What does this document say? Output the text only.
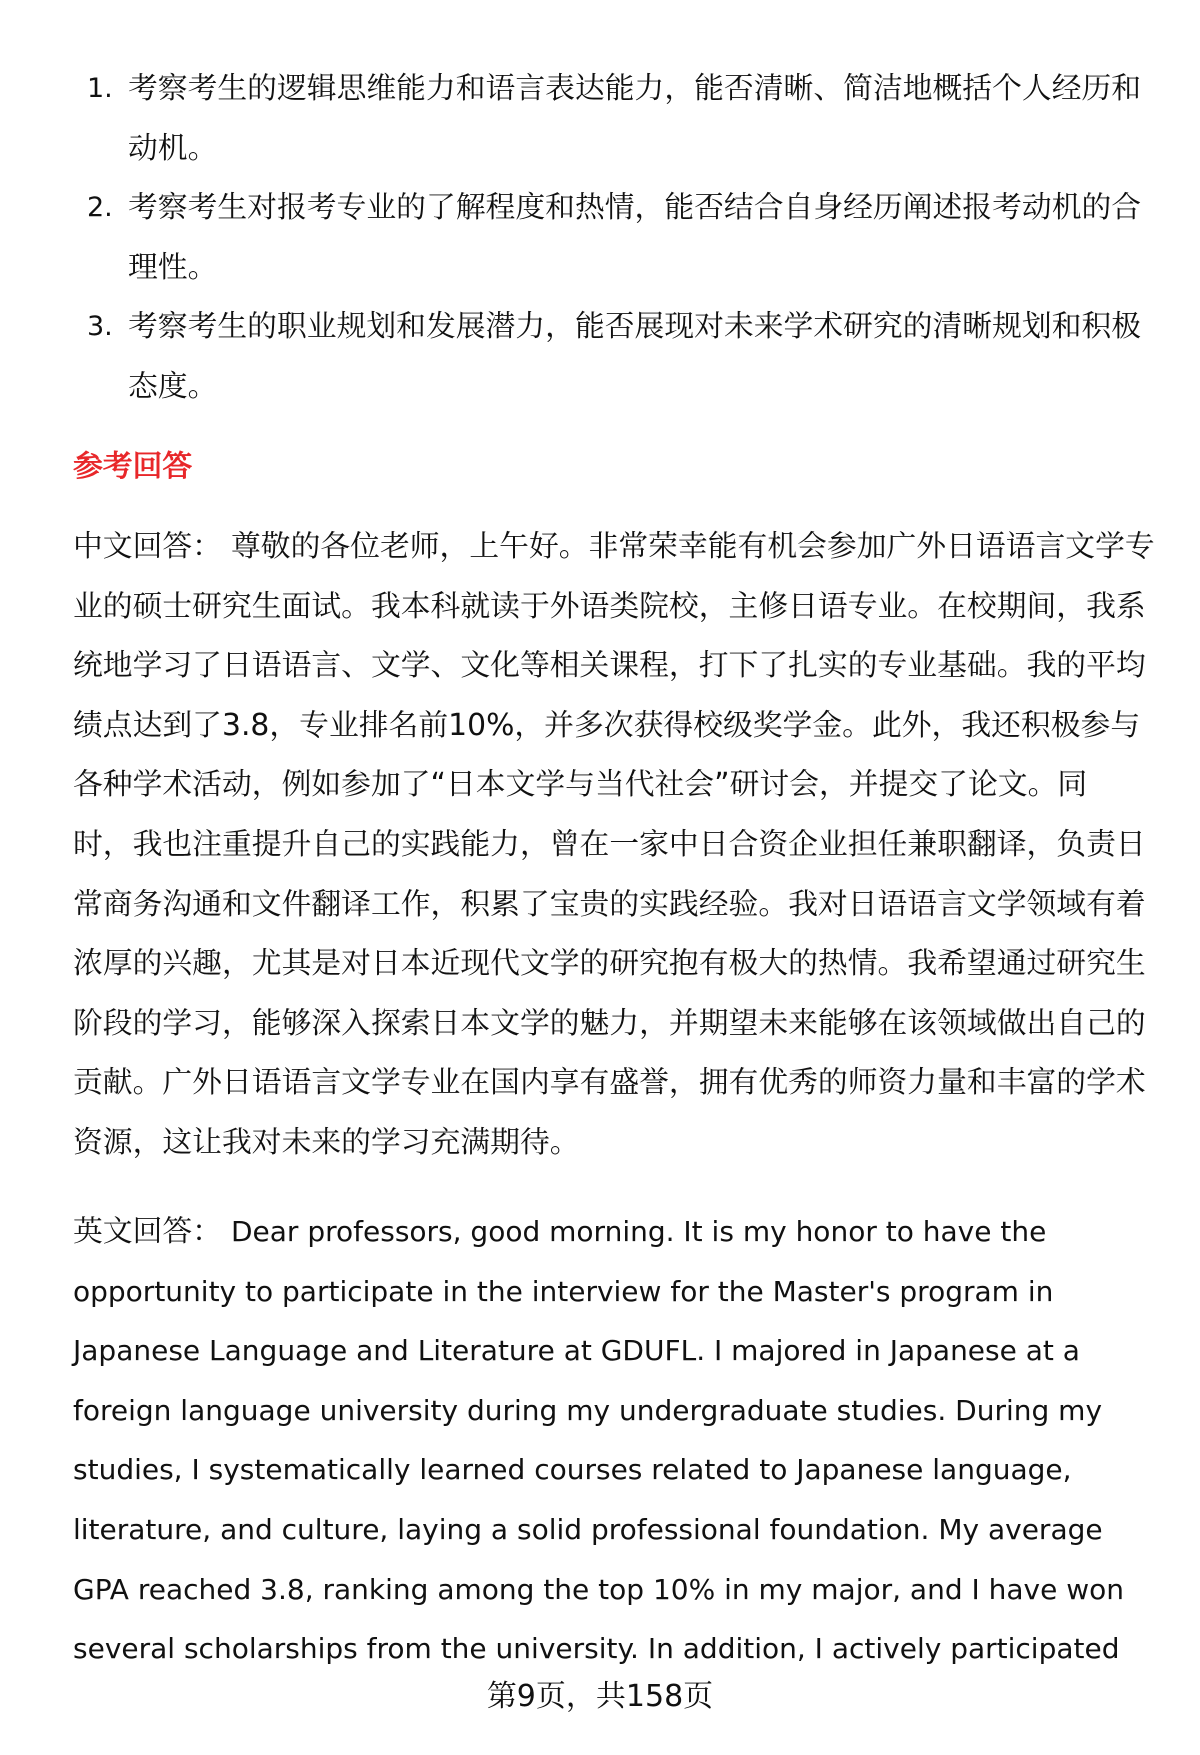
1. 考察考生的逻辑思维能力和语言表达能力，能否清晰、简洁地概括个人经历和
动机。
2. 考察考生对报考专业的了解程度和热情，能否结合自身经历阐述报考动机的合
理性。
3. 考察考生的职业规划和发展潜力，能否展现对未来学术研究的清晰规划和积极
态度。
参考回答
中文回答： 尊敬的各位老师，上午好。非常荣幸能有机会参加广外日语语言文学专
业的硕士研究生面试。我本科就读于外语类院校，主修日语专业。在校期间，我系
统地学习了日语语言、文学、文化等相关课程，打下了扎实的专业基础。我的平均
绩点达到了3.8，专业排名前10%，并多次获得校级奖学金。此外，我还积极参与
各种学术活动，例如参加了“日本文学与当代社会”研讨会，并提交了论文。同
时，我也注重提升自己的实践能力，曾在一家中日合资企业担任兼职翻译，负责日
常商务沟通和文件翻译工作，积累了宝贵的实践经验。我对日语语言文学领域有着
浓厚的兴趣，尤其是对日本近现代文学的研究抱有极大的热情。我希望通过研究生
阶段的学习，能够深入探索日本文学的魅力，并期望未来能够在该领域做出自己的
贡献。广外日语语言文学专业在国内享有盛誉，拥有优秀的师资力量和丰富的学术
资源，这让我对未来的学习充满期待。
英文回答： Dear professors, good morning. It is my honor to have the
opportunity to participate in the interview for the Master's program in
Japanese Language and Literature at GDUFL. I majored in Japanese at a
foreign language university during my undergraduate studies. During my
studies, I systematically learned courses related to Japanese language,
literature, and culture, laying a solid professional foundation. My average
GPA reached 3.8, ranking among the top 10% in my major, and I have won
several scholarships from the university. In addition, I actively participated
第9页，共158页
